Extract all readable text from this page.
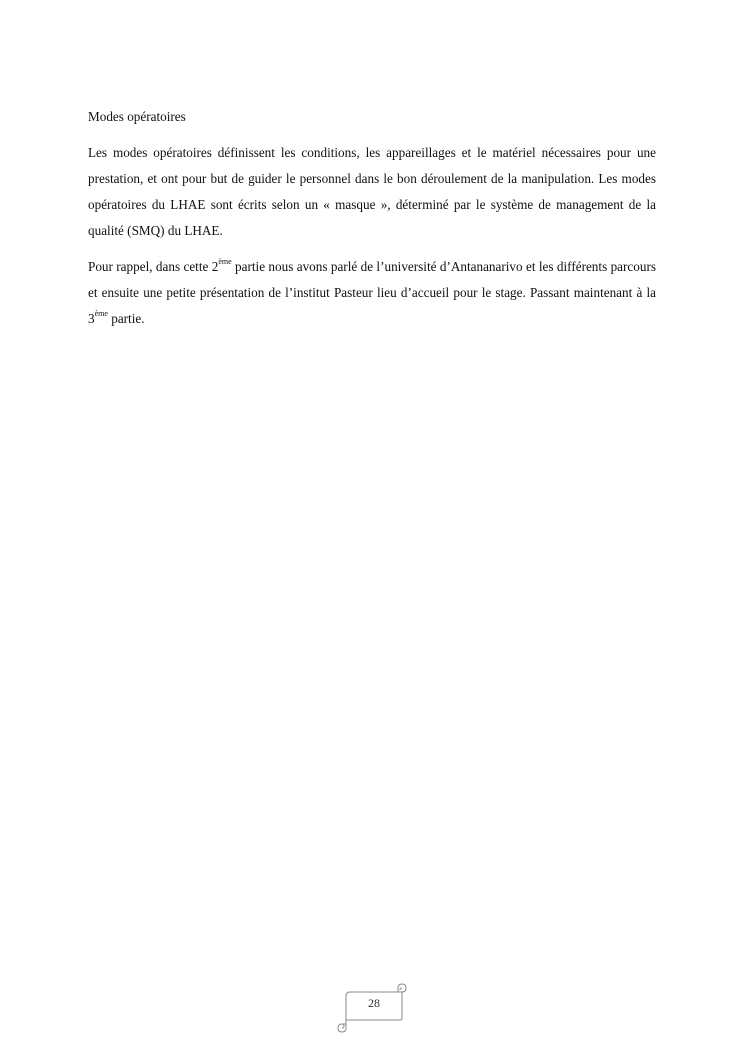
Modes opératoires

Les modes opératoires définissent les conditions, les appareillages et le matériel nécessaires pour une prestation, et ont pour but de guider le personnel dans le bon déroulement de la manipulation. Les modes opératoires du LHAE sont écrits selon un « masque », déterminé par le système de management de la qualité (SMQ) du LHAE.

Pour rappel, dans cette 2ème partie nous avons parlé de l’université d’Antananarivo et les différents parcours et ensuite une petite présentation de l’institut Pasteur lieu d’accueil pour le stage. Passant maintenant à la 3ème partie.

28
